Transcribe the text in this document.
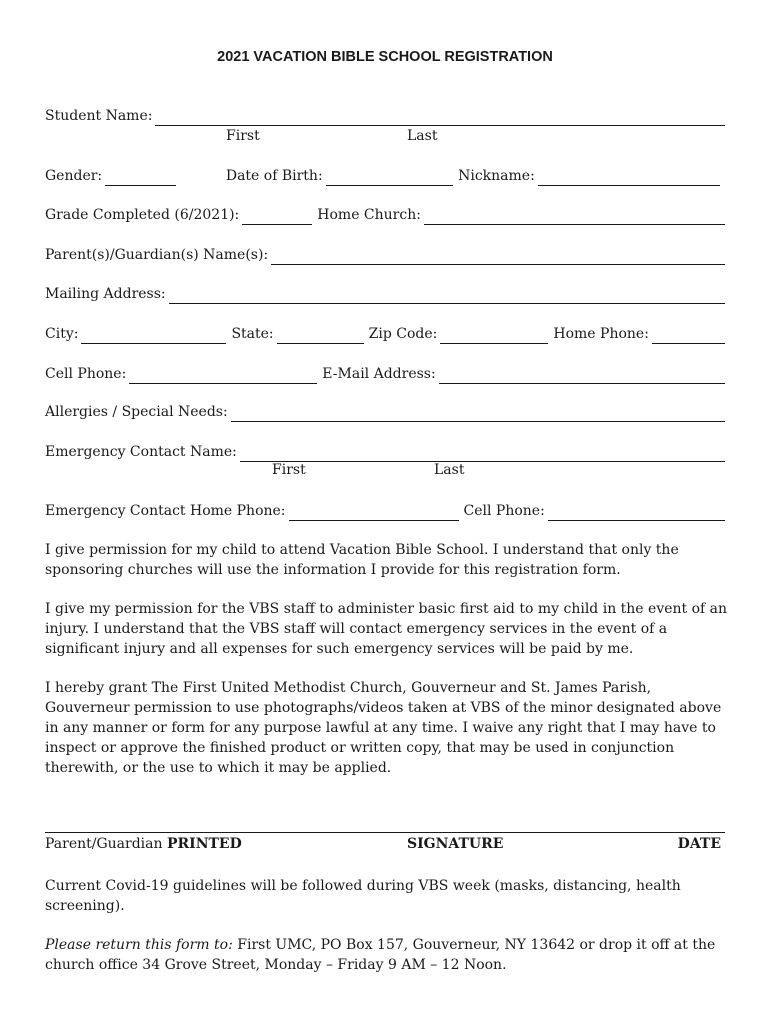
2021 VACATION BIBLE SCHOOL REGISTRATION
Student Name:
First	Last
Gender:	Date of Birth:	Nickname:
Grade Completed (6/2021):	Home Church:
Parent(s)/Guardian(s) Name(s):
Mailing Address:
City:	State:	Zip Code:	Home Phone:
Cell Phone:	E-Mail Address:
Allergies / Special Needs:
Emergency Contact Name:
First	Last
Emergency Contact Home Phone:	Cell Phone:

I give permission for my child to attend Vacation Bible School. I understand that only the sponsoring churches will use the information I provide for this registration form.

I give my permission for the VBS staff to administer basic first aid to my child in the event of an injury. I understand that the VBS staff will contact emergency services in the event of a significant injury and all expenses for such emergency services will be paid by me.

I hereby grant The First United Methodist Church, Gouverneur and St. James Parish, Gouverneur permission to use photographs/videos taken at VBS of the minor designated above in any manner or form for any purpose lawful at any time. I waive any right that I may have to inspect or approve the finished product or written copy, that may be used in conjunction therewith, or the use to which it may be applied.

Parent/Guardian PRINTED	SIGNATURE	DATE

Current Covid-19 guidelines will be followed during VBS week (masks, distancing, health screening).

Please return this form to: First UMC, PO Box 157, Gouverneur, NY 13642 or drop it off at the church office 34 Grove Street, Monday – Friday 9 AM – 12 Noon.
